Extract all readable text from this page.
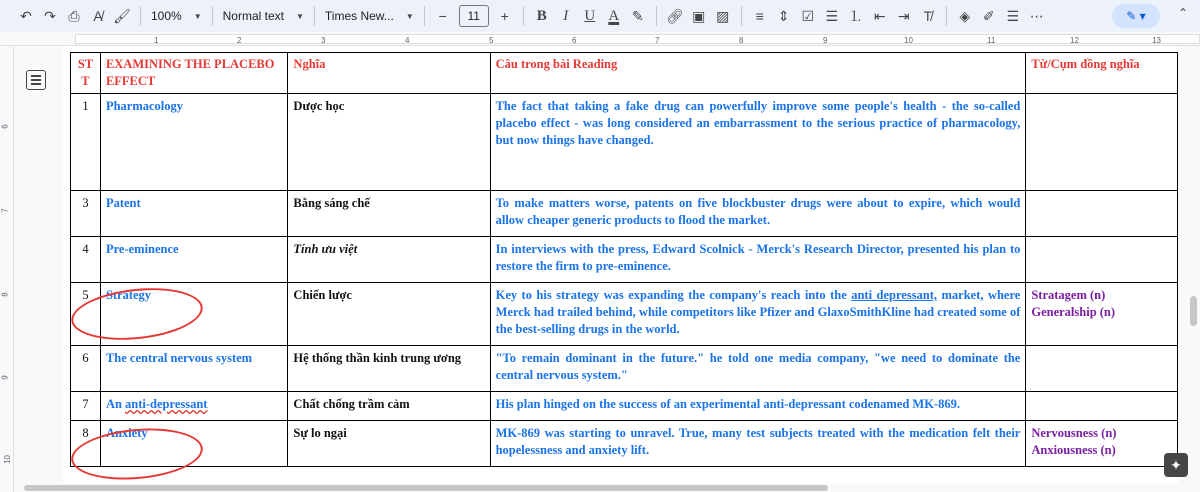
↶ ↷ ⎙ A̸ 🖌︎ 100% ▼ Normal text ▼ Times New... ▼	−	11	+	B	I	U A ✎	🔗︎ ▣ ▨	≡	⇕ ☑ ☰ ⒈ ⇤ ⇥ T̸	◈ ✐ ☰ ⋯	✎ ▾	⌃
1	2	3	4	5	6	7	8	9	10	11	12	13
6
7
8
9
10
ST T	EXAMINING THE PLACEBO EFFECT	Nghĩa	Câu trong bài Reading	Từ/Cụm đồng nghĩa
1	Pharmacology	Dược học	The fact that taking a fake drug can powerfully improve some people's health - the so-called placebo effect - was long considered an embarrassment to the serious practice of pharmacology, but now things have changed.	
3	Patent	Bằng sáng chế	To make matters worse, patents on five blockbuster drugs were about to expire, which would allow cheaper generic products to flood the market.	
4	Pre-eminence	Tính ưu việt	In interviews with the press, Edward Scolnick - Merck's Research Director, presented his plan to restore the firm to pre-eminence.	
5	Strategy	Chiến lược	Key to his strategy was expanding the company's reach into the anti depressant, market, where Merck had trailed behind, while competitors like Pfizer and GlaxoSmithKline had created some of the best-selling drugs in the world.	Stratagem (n)
Generalship (n)

6	The central nervous system	Hệ thống thần kinh trung ương	"To remain dominant in the future." he told one media company, "we need to dominate the central nervous system."	
7	An anti-depressant	Chất chống trầm cảm	His plan hinged on the success of an experimental anti-depressant codenamed MK-869.	
8	Anxiety	Sự lo ngại	MK-869 was starting to unravel. True, many test subjects treated with the medication felt their hopelessness and anxiety lift.	Nervousness (n)
Anxiousness (n)
✦
